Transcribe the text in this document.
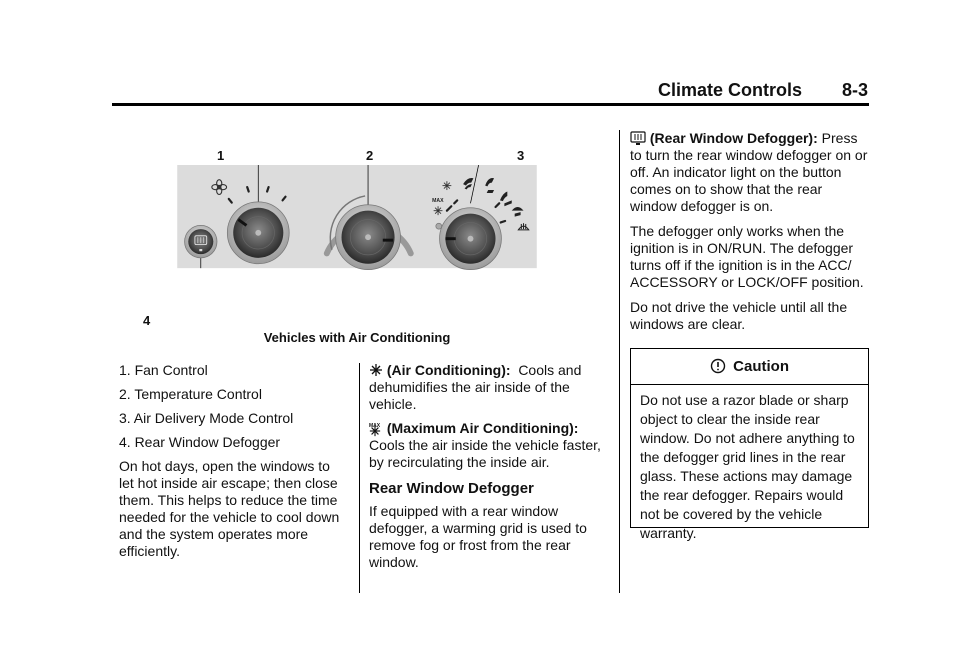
Climate Controls 8-3
1	2	3
4
MAX
Vehicles with Air Conditioning
1. Fan Control
2. Temperature Control
3. Air Delivery Mode Control
4. Rear Window Defogger

On hot days, open the windows to let hot inside air escape; then close them. This helps to reduce the time needed for the vehicle to cool down and the system operates more efficiently.

(Air Conditioning): Cools and dehumidifies the air inside of the vehicle.

MAX (Maximum Air Conditioning): Cools the air inside the vehicle faster, by recirculating the inside air.

Rear Window Defogger

If equipped with a rear window defogger, a warming grid is used to remove fog or frost from the rear window.

(Rear Window Defogger): Press to turn the rear window defogger on or off. An indicator light on the button comes on to show that the rear window defogger is on.

The defogger only works when the ignition is in ON/RUN. The defogger turns off if the ignition is in the ACC/ ACCESSORY or LOCK/OFF position.

Do not drive the vehicle until all the windows are clear.

Caution
Do not use a razor blade or sharp object to clear the inside rear window. Do not adhere anything to the defogger grid lines in the rear glass. These actions may damage the rear defogger. Repairs would not be covered by the vehicle warranty.
